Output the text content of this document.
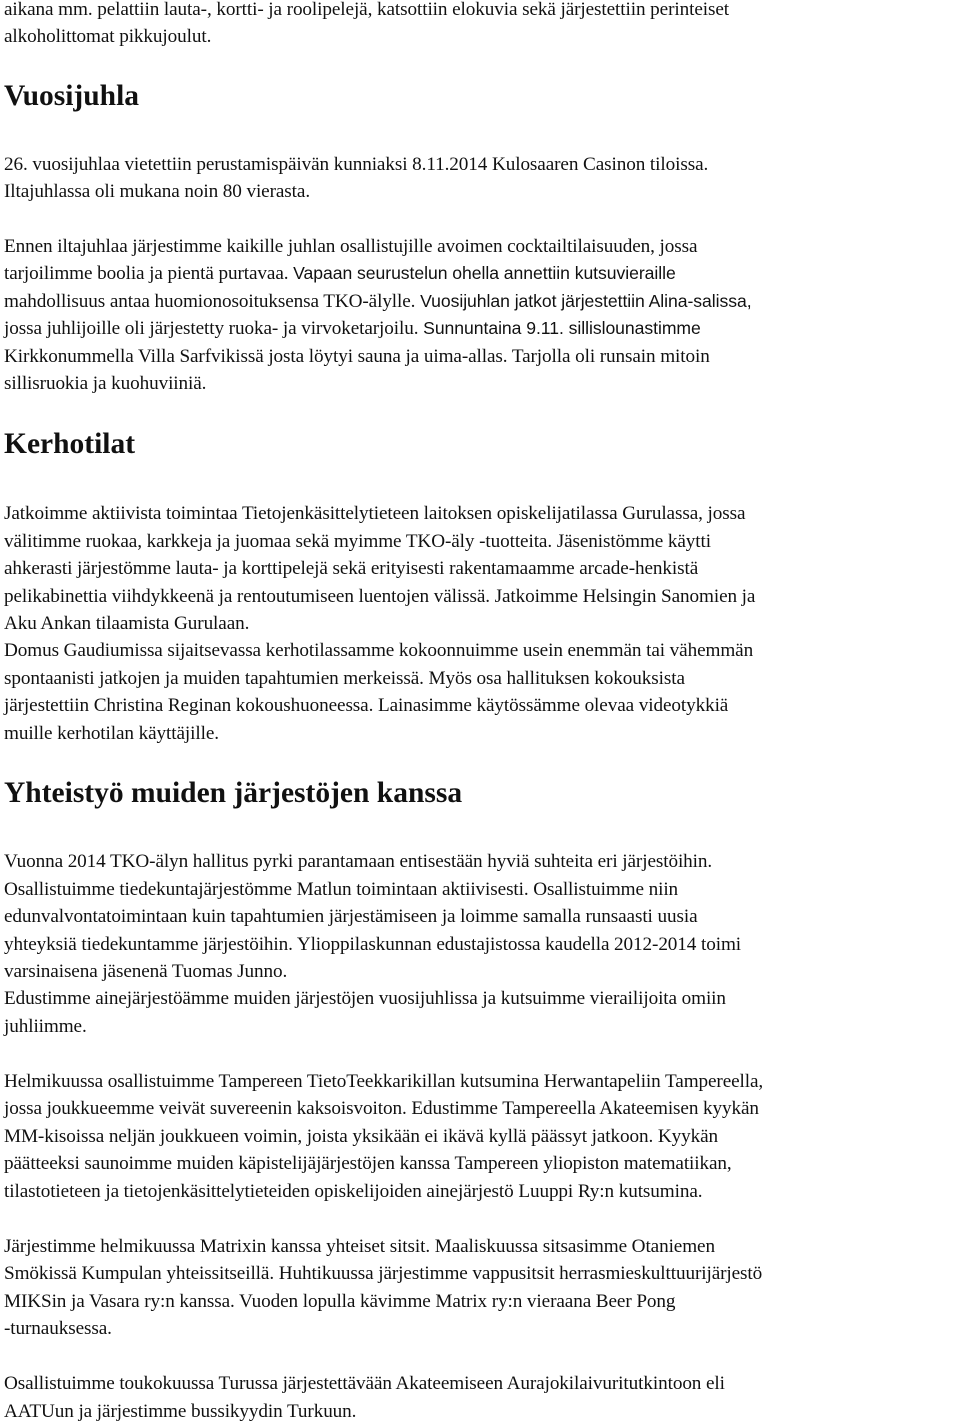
aikana mm. pelattiin lauta-, kortti- ja roolipelejä, katsottiin elokuvia sekä järjestettiin perinteiset

alkoholittomat pikkujoulut.

Vuosijuhla

26. vuosijuhlaa vietettiin perustamispäivän kunniaksi 8.11.2014 Kulosaaren Casinon tiloissa.

Iltajuhlassa oli mukana noin 80 vierasta.

Ennen iltajuhlaa järjestimme kaikille juhlan osallistujille avoimen cocktailtilaisuuden, jossa

tarjoilimme boolia ja pientä purtavaa. Vapaan seurustelun ohella annettiin kutsuvieraille

mahdollisuus antaa huomionosoituksensa TKO-älylle. Vuosijuhlan jatkot järjestettiin Alina-salissa,

jossa juhlijoille oli järjestetty ruoka- ja virvoketarjoilu. Sunnuntaina 9.11. sillislounastimme

Kirkkonummella Villa Sarfvikissä josta löytyi sauna ja uima-allas. Tarjolla oli runsain mitoin

sillisruokia ja kuohuviiniä.

Kerhotilat

Jatkoimme aktiivista toimintaa Tietojenkäsittelytieteen laitoksen opiskelijatilassa Gurulassa, jossa

välitimme ruokaa, karkkeja ja juomaa sekä myimme TKO-äly -tuotteita. Jäsenistömme käytti

ahkerasti järjestömme lauta- ja korttipelejä sekä erityisesti rakentamaamme arcade-henkistä

pelikabinettia viihdykkeenä ja rentoutumiseen luentojen välissä. Jatkoimme Helsingin Sanomien ja

Aku Ankan tilaamista Gurulaan.

Domus Gaudiumissa sijaitsevassa kerhotilassamme kokoonnuimme usein enemmän tai vähemmän

spontaanisti jatkojen ja muiden tapahtumien merkeissä. Myös osa hallituksen kokouksista

järjestettiin Christina Reginan kokoushuoneessa. Lainasimme käytössämme olevaa videotykkiä

muille kerhotilan käyttäjille.

Yhteistyö muiden järjestöjen kanssa

Vuonna 2014 TKO-älyn hallitus pyrki parantamaan entisestään hyviä suhteita eri järjestöihin.

Osallistuimme tiedekuntajärjestömme Matlun toimintaan aktiivisesti. Osallistuimme niin

edunvalvontatoimintaan kuin tapahtumien järjestämiseen ja loimme samalla runsaasti uusia

yhteyksiä tiedekuntamme järjestöihin. Ylioppilaskunnan edustajistossa kaudella 2012-2014 toimi

varsinaisena jäsenenä Tuomas Junno.

Edustimme ainejärjestöämme muiden järjestöjen vuosijuhlissa ja kutsuimme vierailijoita omiin

juhliimme.

Helmikuussa osallistuimme Tampereen TietoTeekkarikillan kutsumina Herwantapeliin Tampereella,

jossa joukkueemme veivät suvereenin kaksoisvoiton. Edustimme Tampereella Akateemisen kyykän

MM-kisoissa neljän joukkueen voimin, joista yksikään ei ikävä kyllä päässyt jatkoon. Kyykän

päätteeksi saunoimme muiden käpistelijäjärjestöjen kanssa Tampereen yliopiston matematiikan,

tilastotieteen ja tietojenkäsittelytieteiden opiskelijoiden ainejärjestö Luuppi Ry:n kutsumina.

Järjestimme helmikuussa Matrixin kanssa yhteiset sitsit. Maaliskuussa sitsasimme Otaniemen

Smökissä Kumpulan yhteissitseillä. Huhtikuussa järjestimme vappusitsit herrasmieskulttuurijärjestö

MIKSin ja Vasara ry:n kanssa. Vuoden lopulla kävimme Matrix ry:n vieraana Beer Pong

-turnauksessa.

Osallistuimme toukokuussa Turussa järjestettävään Akateemiseen Aurajokilaivuritutkintoon eli

AATUun ja järjestimme bussikyydin Turkuun.
